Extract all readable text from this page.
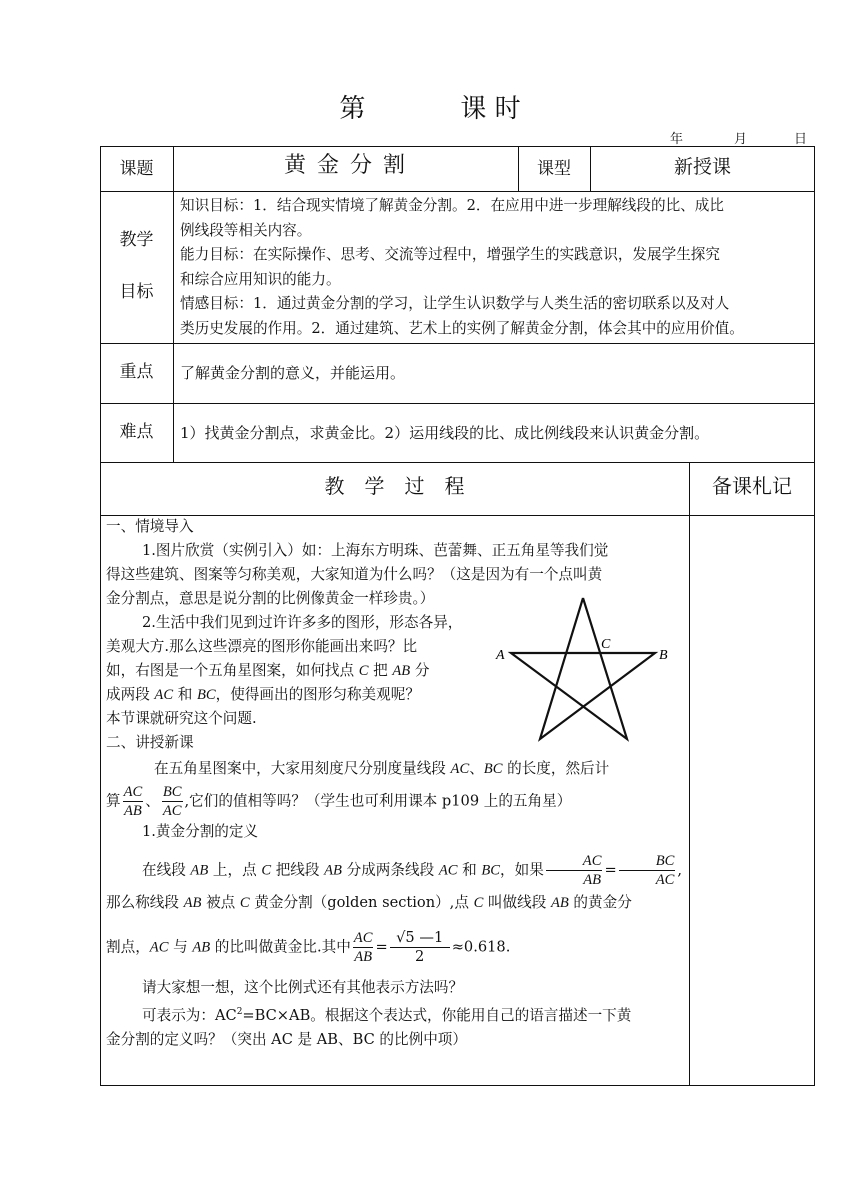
第	课 时
年	月	日
课题	黄 金 分 割	课型	新授课
教学
目标

知识目标：1．结合现实情境了解黄金分割。2．在应用中进一步理解线段的比、成比

例线段等相关内容。

能力目标：在实际操作、思考、交流等过程中，增强学生的实践意识，发展学生探究

和综合应用知识的能力。

情感目标：1．通过黄金分割的学习，让学生认识数学与人类生活的密切联系以及对人

类历史发展的作用。2．通过建筑、艺术上的实例了解黄金分割，体会其中的应用价值。

重点	了解黄金分割的意义，并能运用。
难点	1）找黄金分割点，求黄金比。2）运用线段的比、成比例线段来认识黄金分割。
教　学　过　程	备课札记

一、情境导入

1.图片欣赏（实例引入）如：上海东方明珠、芭蕾舞、正五角星等我们觉

得这些建筑、图案等匀称美观，大家知道为什么吗？（这是因为有一个点叫黄

金分割点，意思是说分割的比例像黄金一样珍贵。）

2.生活中我们见到过许许多多的图形，形态各异，

美观大方.那么这些漂亮的图形你能画出来吗？比

如，右图是一个五角星图案，如何找点 C 把 AB 分

成两段 AC 和 BC，使得画出的图形匀称美观呢？

本节课就研究这个问题.

二、讲授新课

在五角星图案中，大家用刻度尺分别度量线段 AC、BC 的长度，然后计

算 $\frac{AC}{AB}$ 、 $\frac{BC}{AC}$ ,它们的值相等吗？（学生也可利用课本 p109 上的五角星）

1.黄金分割的定义

在线段 AB 上，点 C 把线段 AB 分成两条线段 AC 和 BC，如果 $\frac{AC}{AB} = \frac{BC}{AC}$ ,

那么称线段 AB 被点 C 黄金分割（golden section）,点 C 叫做线段 AB 的黄金分

割点，AC 与 AB 的比叫做黄金比.其中 $\frac{AC}{AB} = \frac{√5 —1}{2} \approx 0.618$.

请大家想一想，这个比例式还有其他表示方法吗？

可表示为：$AC^2=BC\times AB$。根据这个表达式，你能用自己的语言描述一下黄

金分割的定义吗？（突出 AC 是 AB、BC 的比例中项）

A	B
C
